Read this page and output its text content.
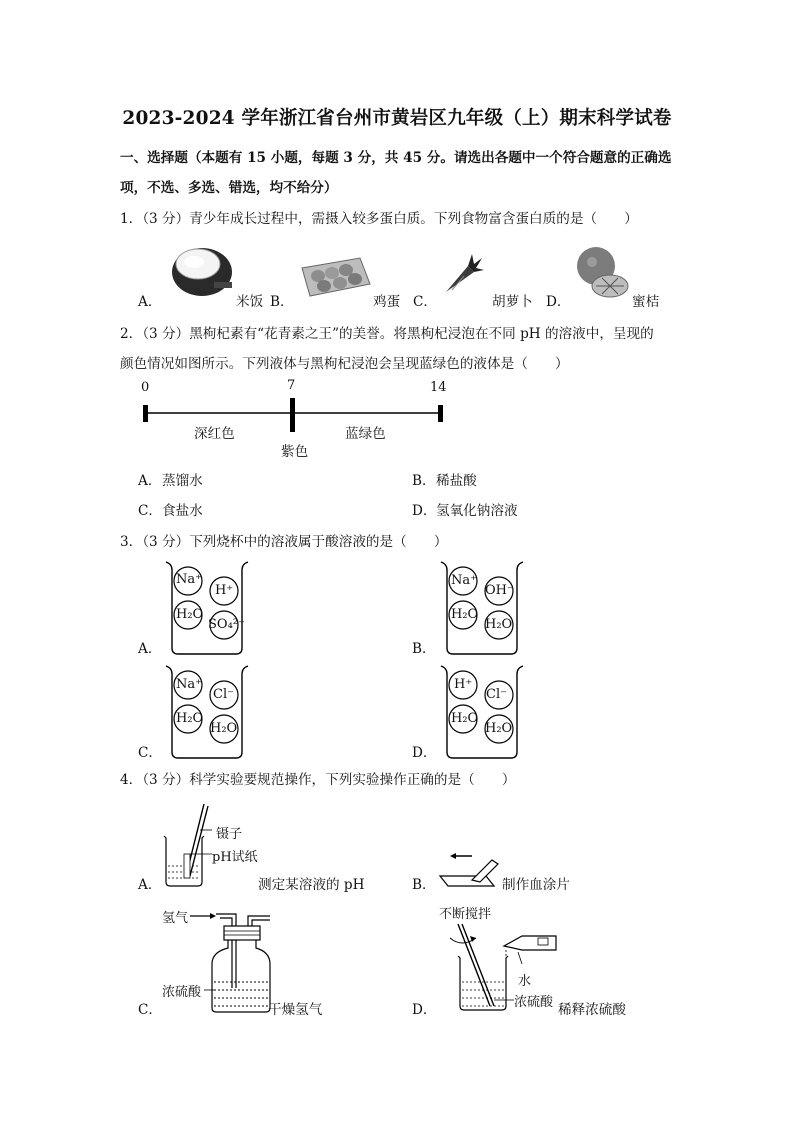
2023-2024 学年浙江省台州市黄岩区九年级（上）期末科学试卷
一、选择题（本题有 15 小题，每题 3 分，共 45 分。请选出各题中一个符合题意的正确选
项，不选、多选、错选，均不给分）
1．（3 分）青少年成长过程中，需摄入较多蛋白质。下列食物富含蛋白质的是（　　）
A．	米饭 B．	鸡蛋 C．	胡萝卜 D．	蜜桔
2．（3 分）黑枸杞素有“花青素之王”的美誉。将黑枸杞浸泡在不同 pH 的溶液中，呈现的
颜色情况如图所示。下列液体与黑枸杞浸泡会呈现蓝绿色的液体是（　　）
0	7	14
深红色
紫色
蓝绿色
A． 蒸馏水	B． 稀盐酸
C． 食盐水	D． 氢氧化钠溶液
3．（3 分）下列烧杯中的溶液属于酸溶液的是（　　）
A．
Na⁺
H⁺
H₂O
SO₄²⁻
B．
Na⁺
OH⁻
H₂O
H₂O
C．
Na⁺
Cl⁻
H₂O
H₂O
D．
H⁺
Cl⁻
H₂O
H₂O
4．（3 分）科学实验要规范操作，下列实验操作正确的是（　　）
A．
镊子
pH试纸
测定某溶液的 pH	B．	制作血涂片
C．
氢气
浓硫酸
干燥氢气	D．
不断搅拌
水
浓硫酸 稀释浓硫酸
